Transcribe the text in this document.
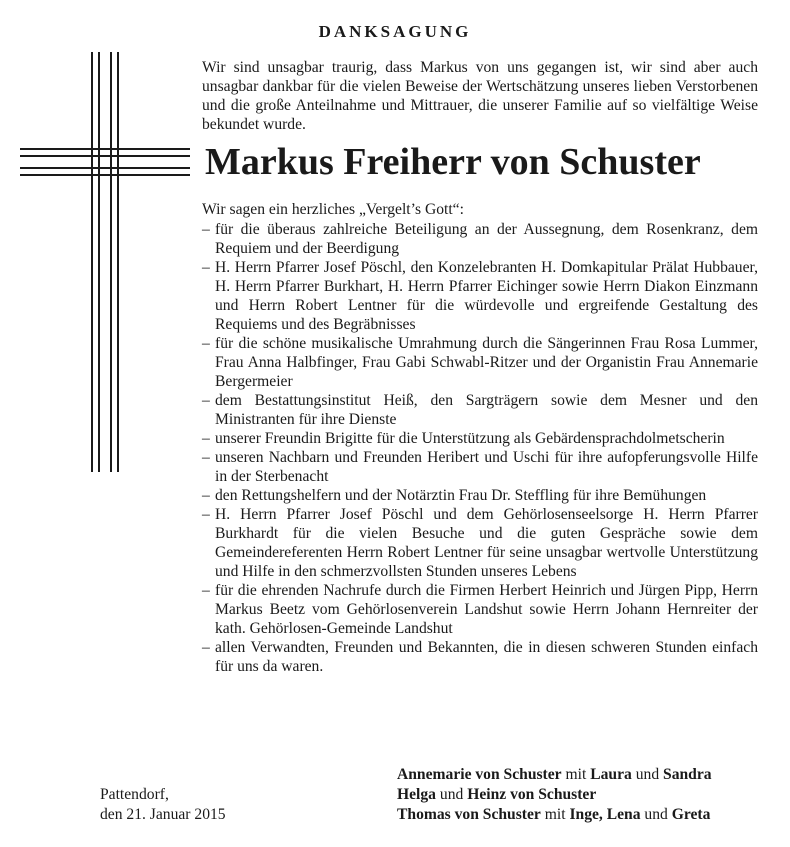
DANKSAGUNG

Wir sind unsagbar traurig, dass Markus von uns gegangen ist, wir sind aber auch unsagbar dankbar für die vielen Beweise der Wertschätzung unseres lieben Verstorbenen und die große Anteilnahme und Mittrauer, die unserer Familie auf so vielfältige Weise bekundet wurde.

Markus Freiherr von Schuster

Wir sagen ein herzliches „Vergelt’s Gott“:

– für die überaus zahlreiche Beteiligung an der Aussegnung, dem Rosenkranz, dem Requiem und der Beerdigung
– H. Herrn Pfarrer Josef Pöschl, den Konzelebranten H. Domkapitular Prälat Hubbauer, H. Herrn Pfarrer Burkhart, H. Herrn Pfarrer Eichinger sowie Herrn Diakon Einzmann und Herrn Robert Lentner für die würdevolle und ergreifende Gestaltung des Requiems und des Begräbnisses
– für die schöne musikalische Umrahmung durch die Sängerinnen Frau Rosa Lummer, Frau Anna Halbfinger, Frau Gabi Schwabl-Ritzer und der Organistin Frau Annemarie Bergermeier
– dem Bestattungsinstitut Heiß, den Sargträgern sowie dem Mesner und den Ministranten für ihre Dienste
– unserer Freundin Brigitte für die Unterstützung als Gebärdensprachdolmetscherin
– unseren Nachbarn und Freunden Heribert und Uschi für ihre aufopferungsvolle Hilfe in der Sterbenacht
– den Rettungshelfern und der Notärztin Frau Dr. Steffling für ihre Bemühungen
– H. Herrn Pfarrer Josef Pöschl und dem Gehörlosenseelsorge H. Herrn Pfarrer Burkhardt für die vielen Besuche und die guten Gespräche sowie dem Gemeindereferenten Herrn Robert Lentner für seine unsagbar wertvolle Unterstützung und Hilfe in den schmerzvollsten Stunden unseres Lebens
– für die ehrenden Nachrufe durch die Firmen Herbert Heinrich und Jürgen Pipp, Herrn Markus Beetz vom Gehörlosenverein Landshut sowie Herrn Johann Hernreiter der kath. Gehörlosen-Gemeinde Landshut
– allen Verwandten, Freunden und Bekannten, die in diesen schweren Stunden einfach für uns da waren.
Pattendorf,
den 21. Januar 2015
Annemarie von Schuster mit Laura und Sandra
Helga und Heinz von Schuster
Thomas von Schuster mit Inge, Lena und Greta
